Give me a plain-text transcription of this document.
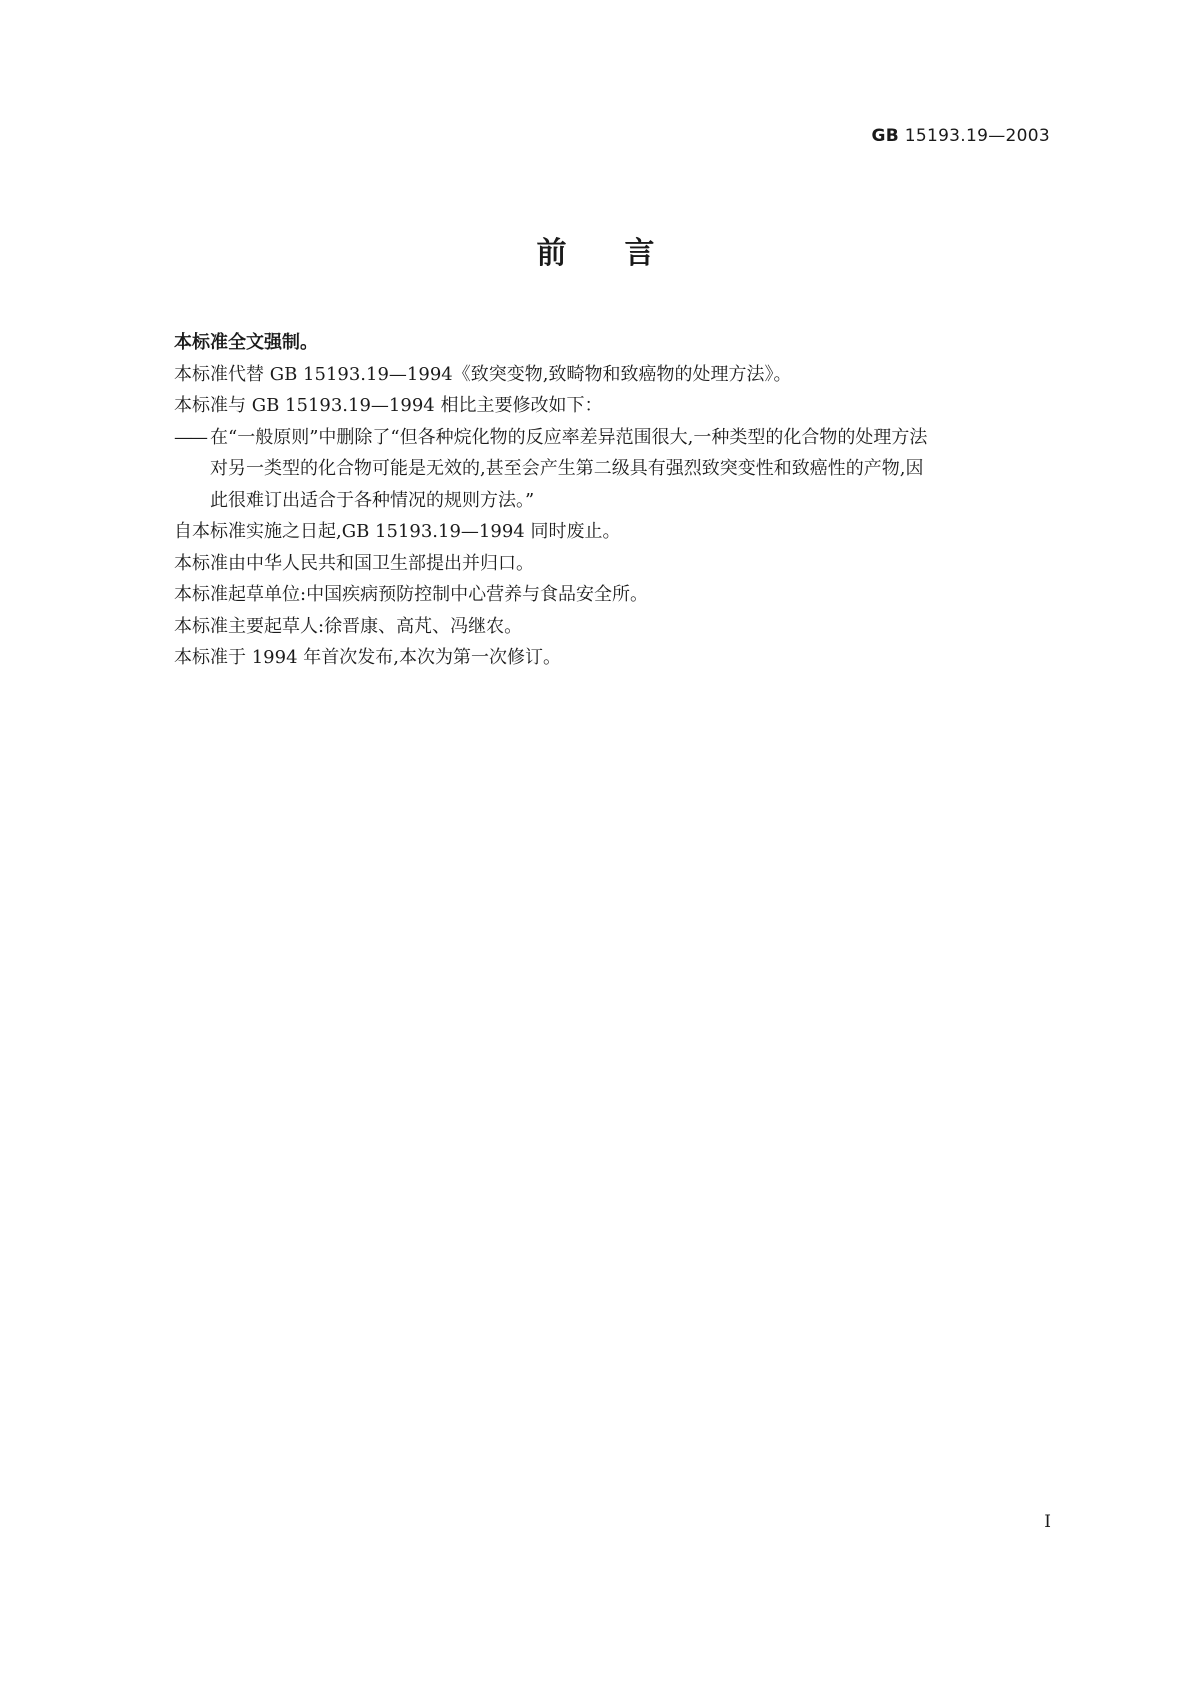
GB 15193.19—2003
前言

本标准全文强制。

本标准代替 GB 15193.19—1994《致突变物,致畸物和致癌物的处理方法》。

本标准与 GB 15193.19—1994 相比主要修改如下：

—— 在“一般原则”中删除了“但各种烷化物的反应率差异范围很大,一种类型的化合物的处理方法
对另一类型的化合物可能是无效的,甚至会产生第二级具有强烈致突变性和致癌性的产物,因
此很难订出适合于各种情况的规则方法。”

自本标准实施之日起,GB 15193.19—1994 同时废止。

本标准由中华人民共和国卫生部提出并归口。

本标准起草单位:中国疾病预防控制中心营养与食品安全所。

本标准主要起草人:徐晋康、高芃、冯继农。

本标准于 1994 年首次发布,本次为第一次修订。

I
